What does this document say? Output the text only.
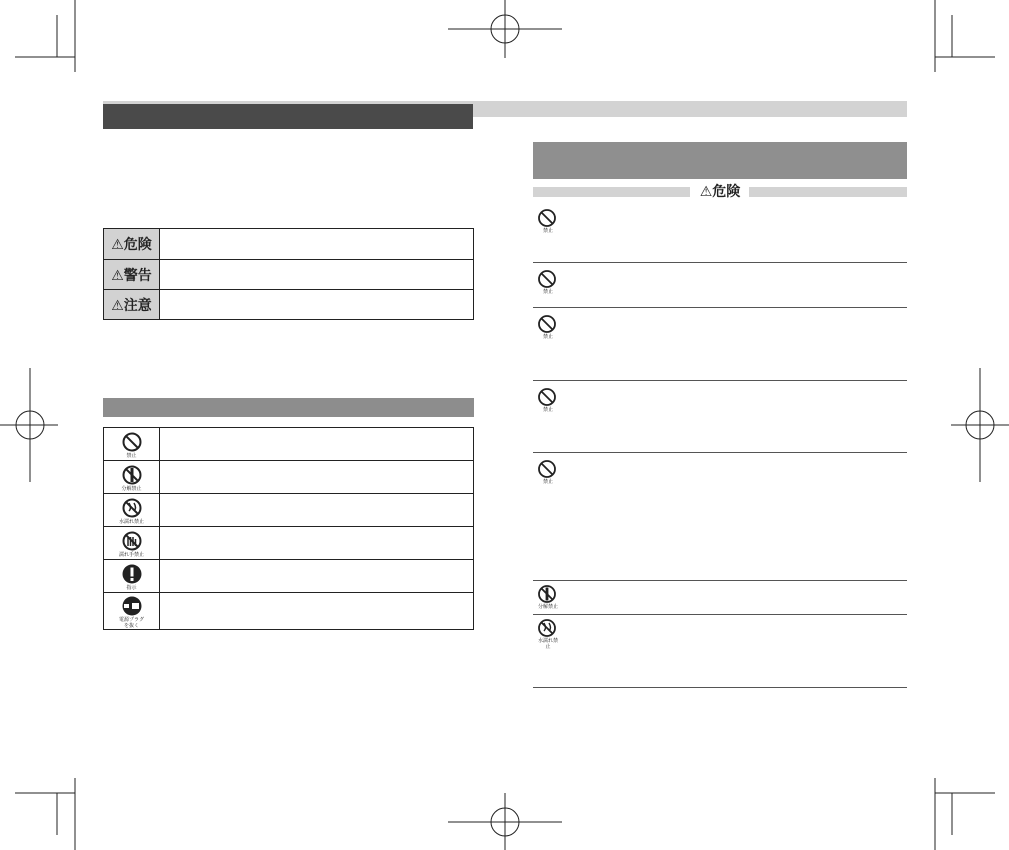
⚠危険	
⚠警告	
⚠注意	
禁止	

分解禁止	

水濡れ禁止	

濡れ手禁止	

指示	

電源プラグ
を抜く	

⚠危険
禁止
禁止
禁止
禁止
禁止
分解禁止
水濡れ禁止
